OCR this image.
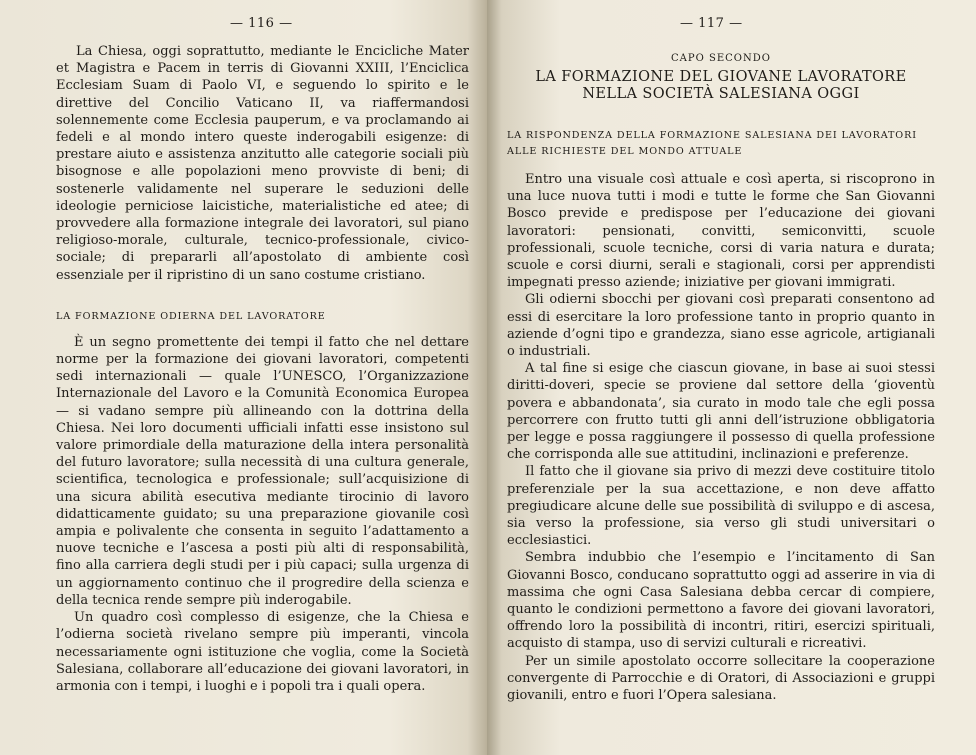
— 116 —

La Chiesa, oggi soprattutto, mediante le Encicliche Mater et Magistra e Pacem in terris di Giovanni XXIII, l’Enciclica Ecclesiam Suam di Paolo VI, e seguendo lo spirito e le direttive del Concilio Vaticano II, va riaffermandosi solennemente come Ecclesia pauperum, e va proclamando ai fedeli e al mondo intero queste inderogabili esigenze: di prestare aiuto e assistenza anzitutto alle categorie sociali più bisognose e alle popolazioni meno provviste di beni; di sostenerle validamente nel superare le seduzioni delle ideologie perniciose laicistiche, materialistiche ed atee; di provvedere alla formazione integrale dei lavoratori, sul piano religioso-morale, culturale, tecnico-professionale, civico-sociale; di prepararli all’apostolato di ambiente così essenziale per il ripristino di un sano costume cristiano.

LA FORMAZIONE ODIERNA DEL LAVORATORE

È un segno promettente dei tempi il fatto che nel dettare norme per la formazione dei giovani lavoratori, competenti sedi internazionali — quale l’UNESCO, l’Organizzazione Internazionale del Lavoro e la Comunità Economica Europea — si vadano sempre più allineando con la dottrina della Chiesa. Nei loro documenti ufficiali infatti esse insistono sul valore primordiale della maturazione della intera personalità del futuro lavoratore; sulla necessità di una cultura generale, scientifica, tecnologica e professionale; sull’acquisizione di una sicura abilità esecutiva mediante tirocinio di lavoro didatticamente guidato; su una preparazione giovanile così ampia e polivalente che consenta in seguito l’adattamento a nuove tecniche e l’ascesa a posti più alti di responsabilità, fino alla carriera degli studi per i più capaci; sulla urgenza di un aggiornamento continuo che il progredire della scienza e della tecnica rende sempre più inderogabile.

Un quadro così complesso di esigenze, che la Chiesa e l’odierna società rivelano sempre più imperanti, vincola necessariamente ogni istituzione che voglia, come la Società Salesiana, collaborare all’educazione dei giovani lavoratori, in armonia con i tempi, i luoghi e i popoli tra i quali opera.

— 117 —
CAPO SECONDO
LA FORMAZIONE DEL GIOVANE LAVORATORE NELLA SOCIETÀ SALESIANA OGGI
LA RISPONDENZA DELLA FORMAZIONE SALESIANA DEI LAVORATORI ALLE RICHIESTE DEL MONDO ATTUALE

Entro una visuale così attuale e così aperta, si riscoprono in una luce nuova tutti i modi e tutte le forme che San Giovanni Bosco previde e predispose per l’educazione dei giovani lavoratori: pensionati, convitti, semiconvitti, scuole professionali, scuole tecniche, corsi di varia natura e durata; scuole e corsi diurni, serali e stagionali, corsi per apprendisti impegnati presso aziende; iniziative per giovani immigrati.

Gli odierni sbocchi per giovani così preparati consentono ad essi di esercitare la loro professione tanto in proprio quanto in aziende d’ogni tipo e grandezza, siano esse agricole, artigianali o industriali.

A tal fine si esige che ciascun giovane, in base ai suoi stessi diritti-doveri, specie se proviene dal settore della ‘gioventù povera e abbandonata’, sia curato in modo tale che egli possa percorrere con frutto tutti gli anni dell’istruzione obbligatoria per legge e possa raggiungere il possesso di quella professione che corrisponda alle sue attitudini, inclinazioni e preferenze.

Il fatto che il giovane sia privo di mezzi deve costituire titolo preferenziale per la sua accettazione, e non deve affatto pregiudicare alcune delle sue possibilità di sviluppo e di ascesa, sia verso la professione, sia verso gli studi universitari o ecclesiastici.

Sembra indubbio che l’esempio e l’incitamento di San Giovanni Bosco, conducano soprattutto oggi ad asserire in via di massima che ogni Casa Salesiana debba cercar di compiere, quanto le condizioni permettono a favore dei giovani lavoratori, offrendo loro la possibilità di incontri, ritiri, esercizi spirituali, acquisto di stampa, uso di servizi culturali e ricreativi.

Per un simile apostolato occorre sollecitare la cooperazione convergente di Parrocchie e di Oratori, di Associazioni e gruppi giovanili, entro e fuori l’Opera salesiana.
